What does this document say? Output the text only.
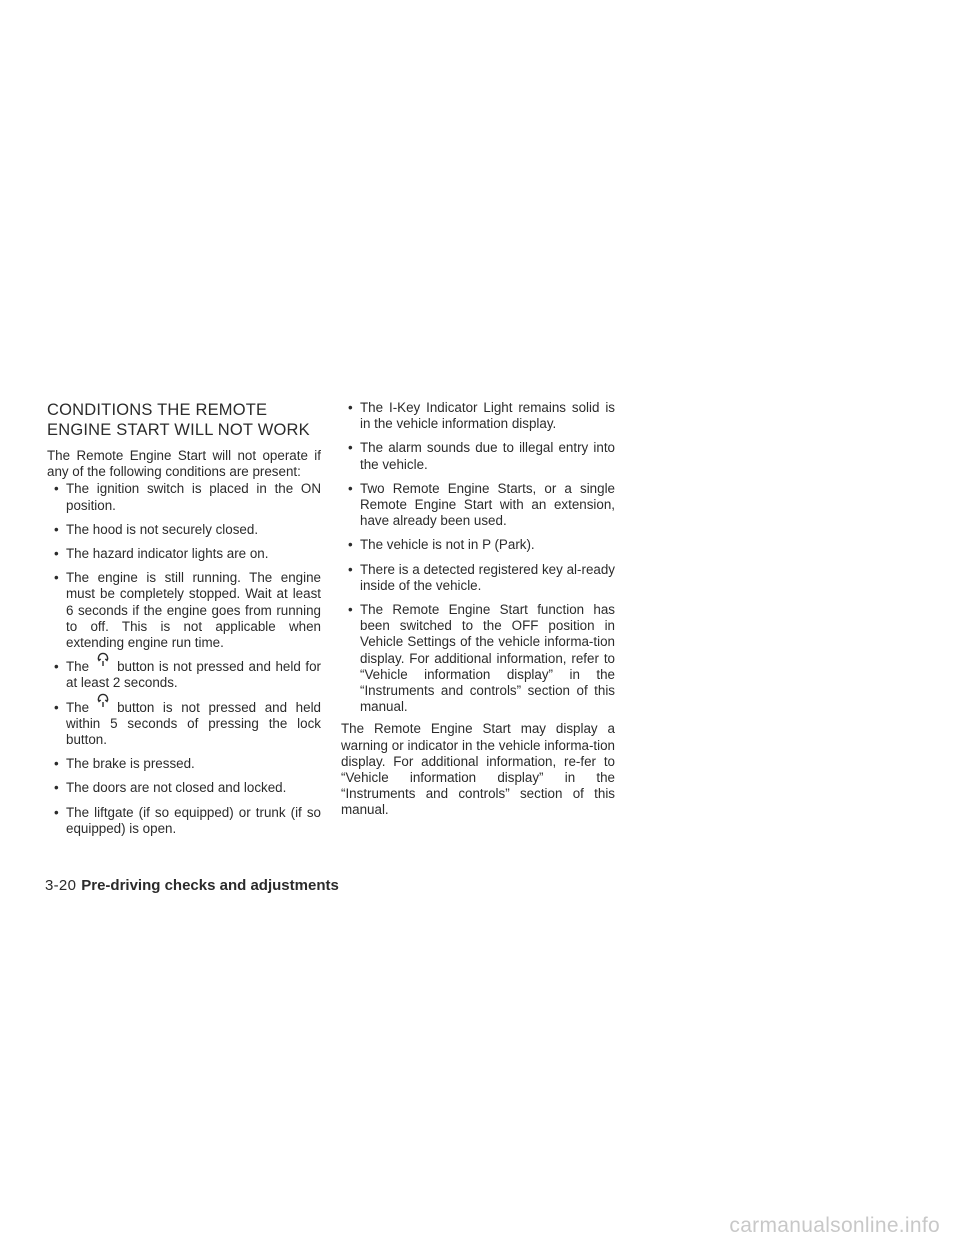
CONDITIONS THE REMOTE ENGINE START WILL NOT WORK

The Remote Engine Start will not operate if any of the following conditions are present:

• The ignition switch is placed in the ON position.
• The hood is not securely closed.
• The hazard indicator lights are on.
• The engine is still running. The engine must be completely stopped. Wait at least 6 seconds if the engine goes from running to off. This is not applicable when extending engine run time.
• The button is not pressed and held for at least 2 seconds.
• The button is not pressed and held within 5 seconds of pressing the lock button.
• The brake is pressed.
• The doors are not closed and locked.
• The liftgate (if so equipped) or trunk (if so equipped) is open.
• The I-Key Indicator Light remains solid is in the vehicle information display.
• The alarm sounds due to illegal entry into the vehicle.
• Two Remote Engine Starts, or a single Remote Engine Start with an extension, have already been used.
• The vehicle is not in P (Park).
• There is a detected registered key al-ready inside of the vehicle.
• The Remote Engine Start function has been switched to the OFF position in Vehicle Settings of the vehicle informa-tion display. For additional information, refer to “Vehicle information display” in the “Instruments and controls” section of this manual.

The Remote Engine Start may display a warning or indicator in the vehicle informa-tion display. For additional information, re-fer to “Vehicle information display” in the “Instruments and controls” section of this manual.

3-20 Pre-driving checks and adjustments
carmanualsonline.info
